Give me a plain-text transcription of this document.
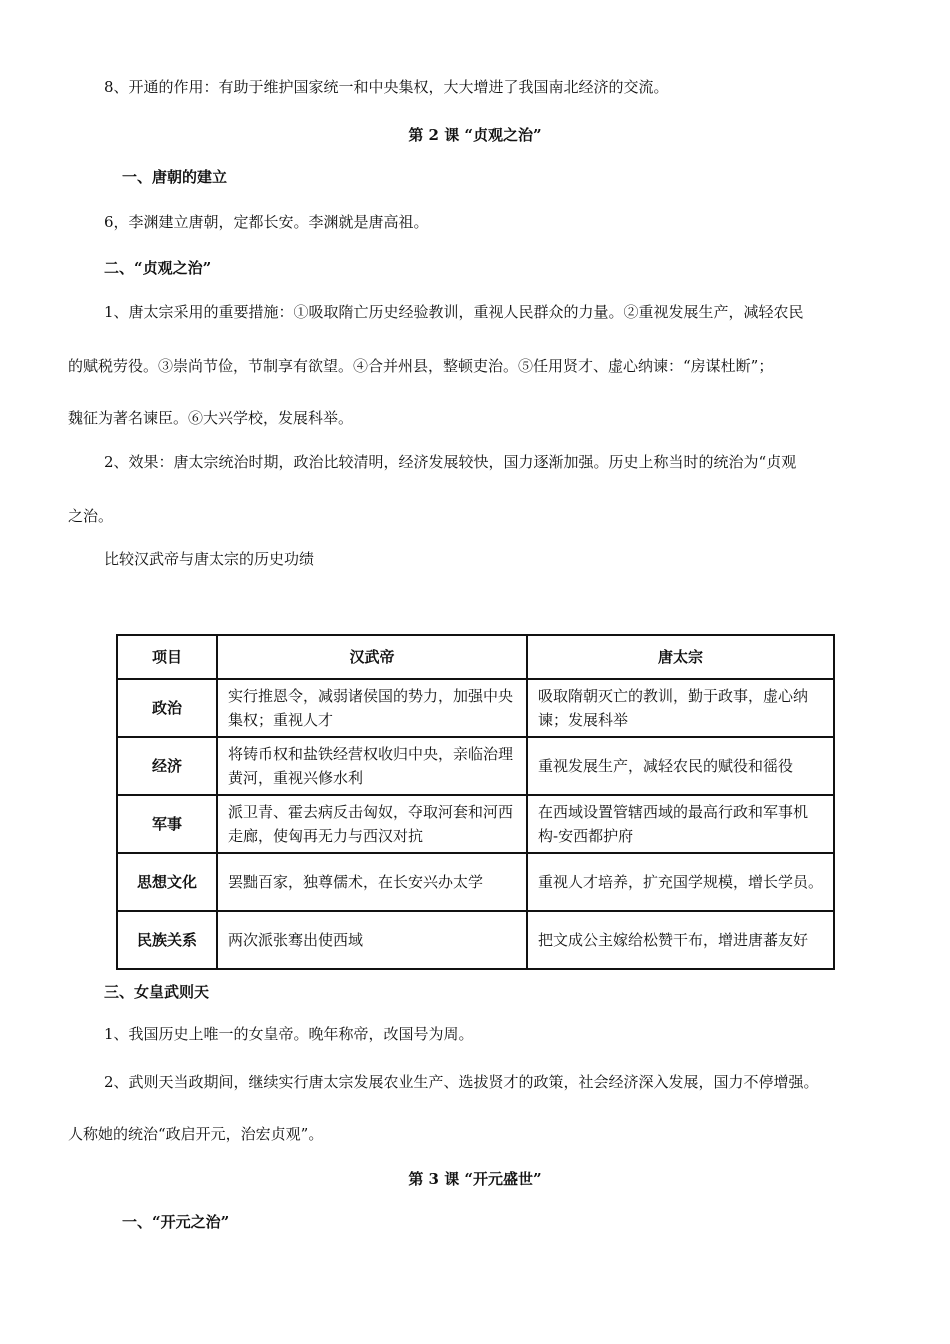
8、开通的作用：有助于维护国家统一和中央集权，大大增进了我国南北经济的交流。
第 2 课 “贞观之治”
一、唐朝的建立
6，李渊建立唐朝，定都长安。李渊就是唐高祖。
二、“贞观之治”
1、唐太宗采用的重要措施：①吸取隋亡历史经验教训，重视人民群众的力量。②重视发展生产，减轻农民
的赋税劳役。③崇尚节俭，节制享有欲望。④合并州县，整顿吏治。⑤任用贤才、虚心纳谏：“房谋杜断”；
魏征为著名谏臣。⑥大兴学校，发展科举。
2、效果：唐太宗统治时期，政治比较清明，经济发展较快，国力逐渐加强。历史上称当时的统治为“贞观
之治。
比较汉武帝与唐太宗的历史功绩
项目	汉武帝	唐太宗
政治	实行推恩令，减弱诸侯国的势力，加强中央集权；重视人才	吸取隋朝灭亡的教训，勤于政事，虚心纳谏；发展科举
经济	将铸币权和盐铁经营权收归中央，亲临治理黄河，重视兴修水利	重视发展生产，减轻农民的赋役和徭役
军事	派卫青、霍去病反击匈奴，夺取河套和河西走廊，使匈再无力与西汉对抗	在西域设置管辖西域的最高行政和军事机构-安西都护府
思想文化	罢黜百家，独尊儒术，在长安兴办太学	重视人才培养，扩充国学规模，增长学员。
民族关系	两次派张骞出使西域	把文成公主嫁给松赞干布，增进唐蕃友好
三、女皇武则天
1、我国历史上唯一的女皇帝。晚年称帝，改国号为周。
2、武则天当政期间，继续实行唐太宗发展农业生产、选拔贤才的政策，社会经济深入发展，国力不停增强。
人称她的统治“政启开元，治宏贞观”。
第 3 课 “开元盛世”
一、“开元之治”
